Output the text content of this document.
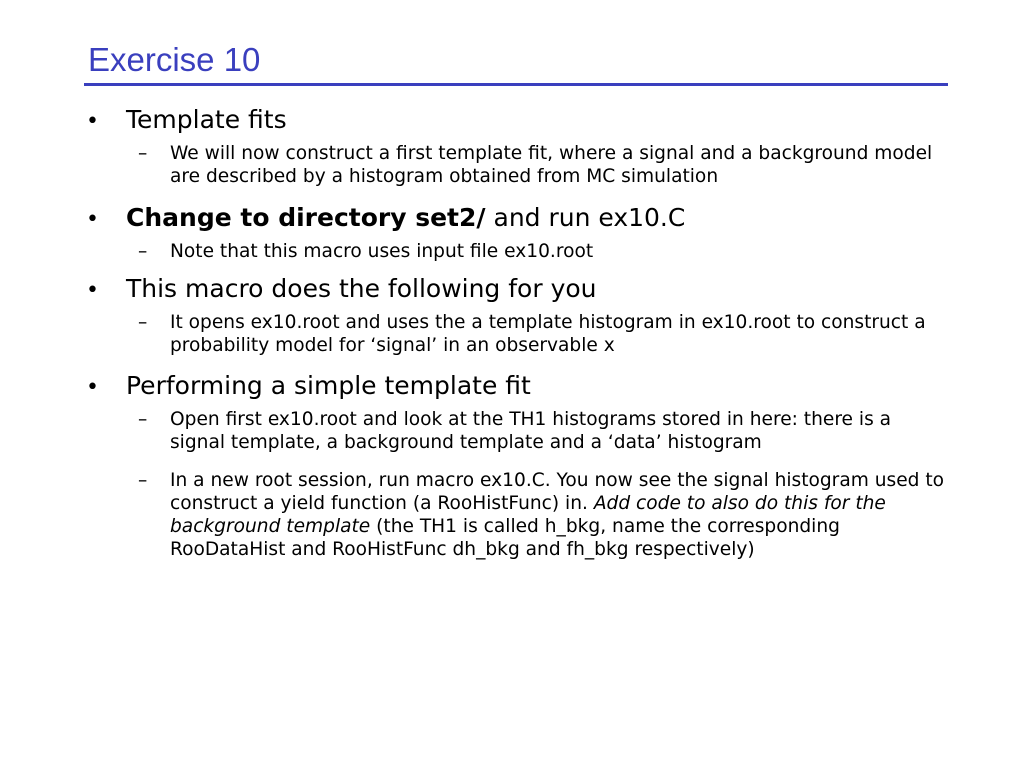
Exercise 10
•	Template fits
–	We will now construct a first template fit, where a signal and a background model are described by a histogram obtained from MC simulation
•	Change to directory set2/ and run ex10.C
–	Note that this macro uses input file ex10.root
•	This macro does the following for you
–	It opens ex10.root and uses the a template histogram in ex10.root to construct a probability model for ‘signal’ in an observable x
•	Performing a simple template fit
–	Open first ex10.root and look at the TH1 histograms stored in here: there is a signal template, a background template and a ‘data’ histogram
–	In a new root session, run macro ex10.C. You now see the signal histogram used to construct a yield function (a RooHistFunc) in. Add code to also do this for the background template (the TH1 is called h_bkg, name the corresponding RooDataHist and RooHistFunc dh_bkg and fh_bkg respectively)
